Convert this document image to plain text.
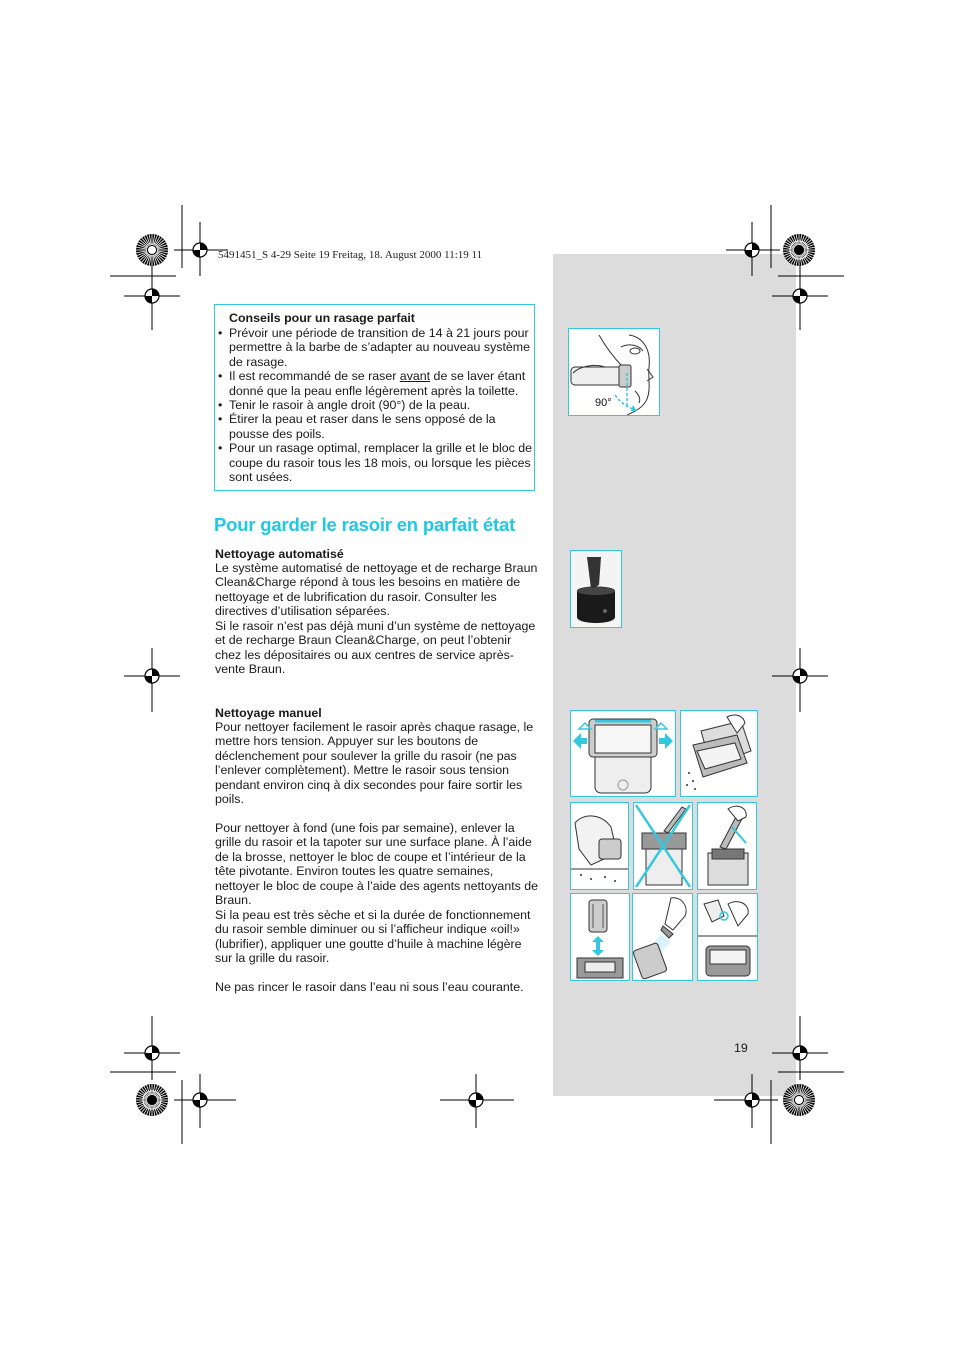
5491451_S 4-29 Seite 19 Freitag, 18. August 2000 11:19 11
Conseils pour un rasage parfait
• Prévoir une période de transition de 14 à 21 jours pour permettre à la barbe de s’adapter au nouveau système de rasage.
• Il est recommandé de se raser avant de se laver étant donné que la peau enfle légèrement après la toilette.
• Tenir le rasoir à angle droit (90°) de la peau.
• Étirer la peau et raser dans le sens opposé de la pousse des poils.
• Pour un rasage optimal, remplacer la grille et le bloc de coupe du rasoir tous les 18 mois, ou lorsque les pièces sont usées.
Pour garder le rasoir en parfait état
Nettoyage automatisé
Le système automatisé de nettoyage et de recharge Braun Clean&Charge répond à tous les besoins en matière de nettoyage et de lubrification du rasoir. Consulter les directives d’utilisation séparées.
Si le rasoir n’est pas déjà muni d’un système de nettoyage et de recharge Braun Clean&Charge, on peut l’obtenir chez les dépositaires ou aux centres de service après-vente Braun.
Nettoyage manuel
Pour nettoyer facilement le rasoir après chaque rasage, le mettre hors tension. Appuyer sur les boutons de déclenchement pour soulever la grille du rasoir (ne pas l’enlever complètement). Mettre le rasoir sous tension pendant environ cinq à dix secondes pour faire sortir les poils.
Pour nettoyer à fond (une fois par semaine), enlever la grille du rasoir et la tapoter sur une surface plane. À l’aide de la brosse, nettoyer le bloc de coupe et l’intérieur de la tête pivotante. Environ toutes les quatre semaines, nettoyer le bloc de coupe à l’aide des agents nettoyants de Braun.
Si la peau est très sèche et si la durée de fonctionnement du rasoir semble diminuer ou si l’afficheur indique «oil!» (lubrifier), appliquer une goutte d’huile à machine légère sur la grille du rasoir.
Ne pas rincer le rasoir dans l’eau ni sous l’eau courante.
90°
19
